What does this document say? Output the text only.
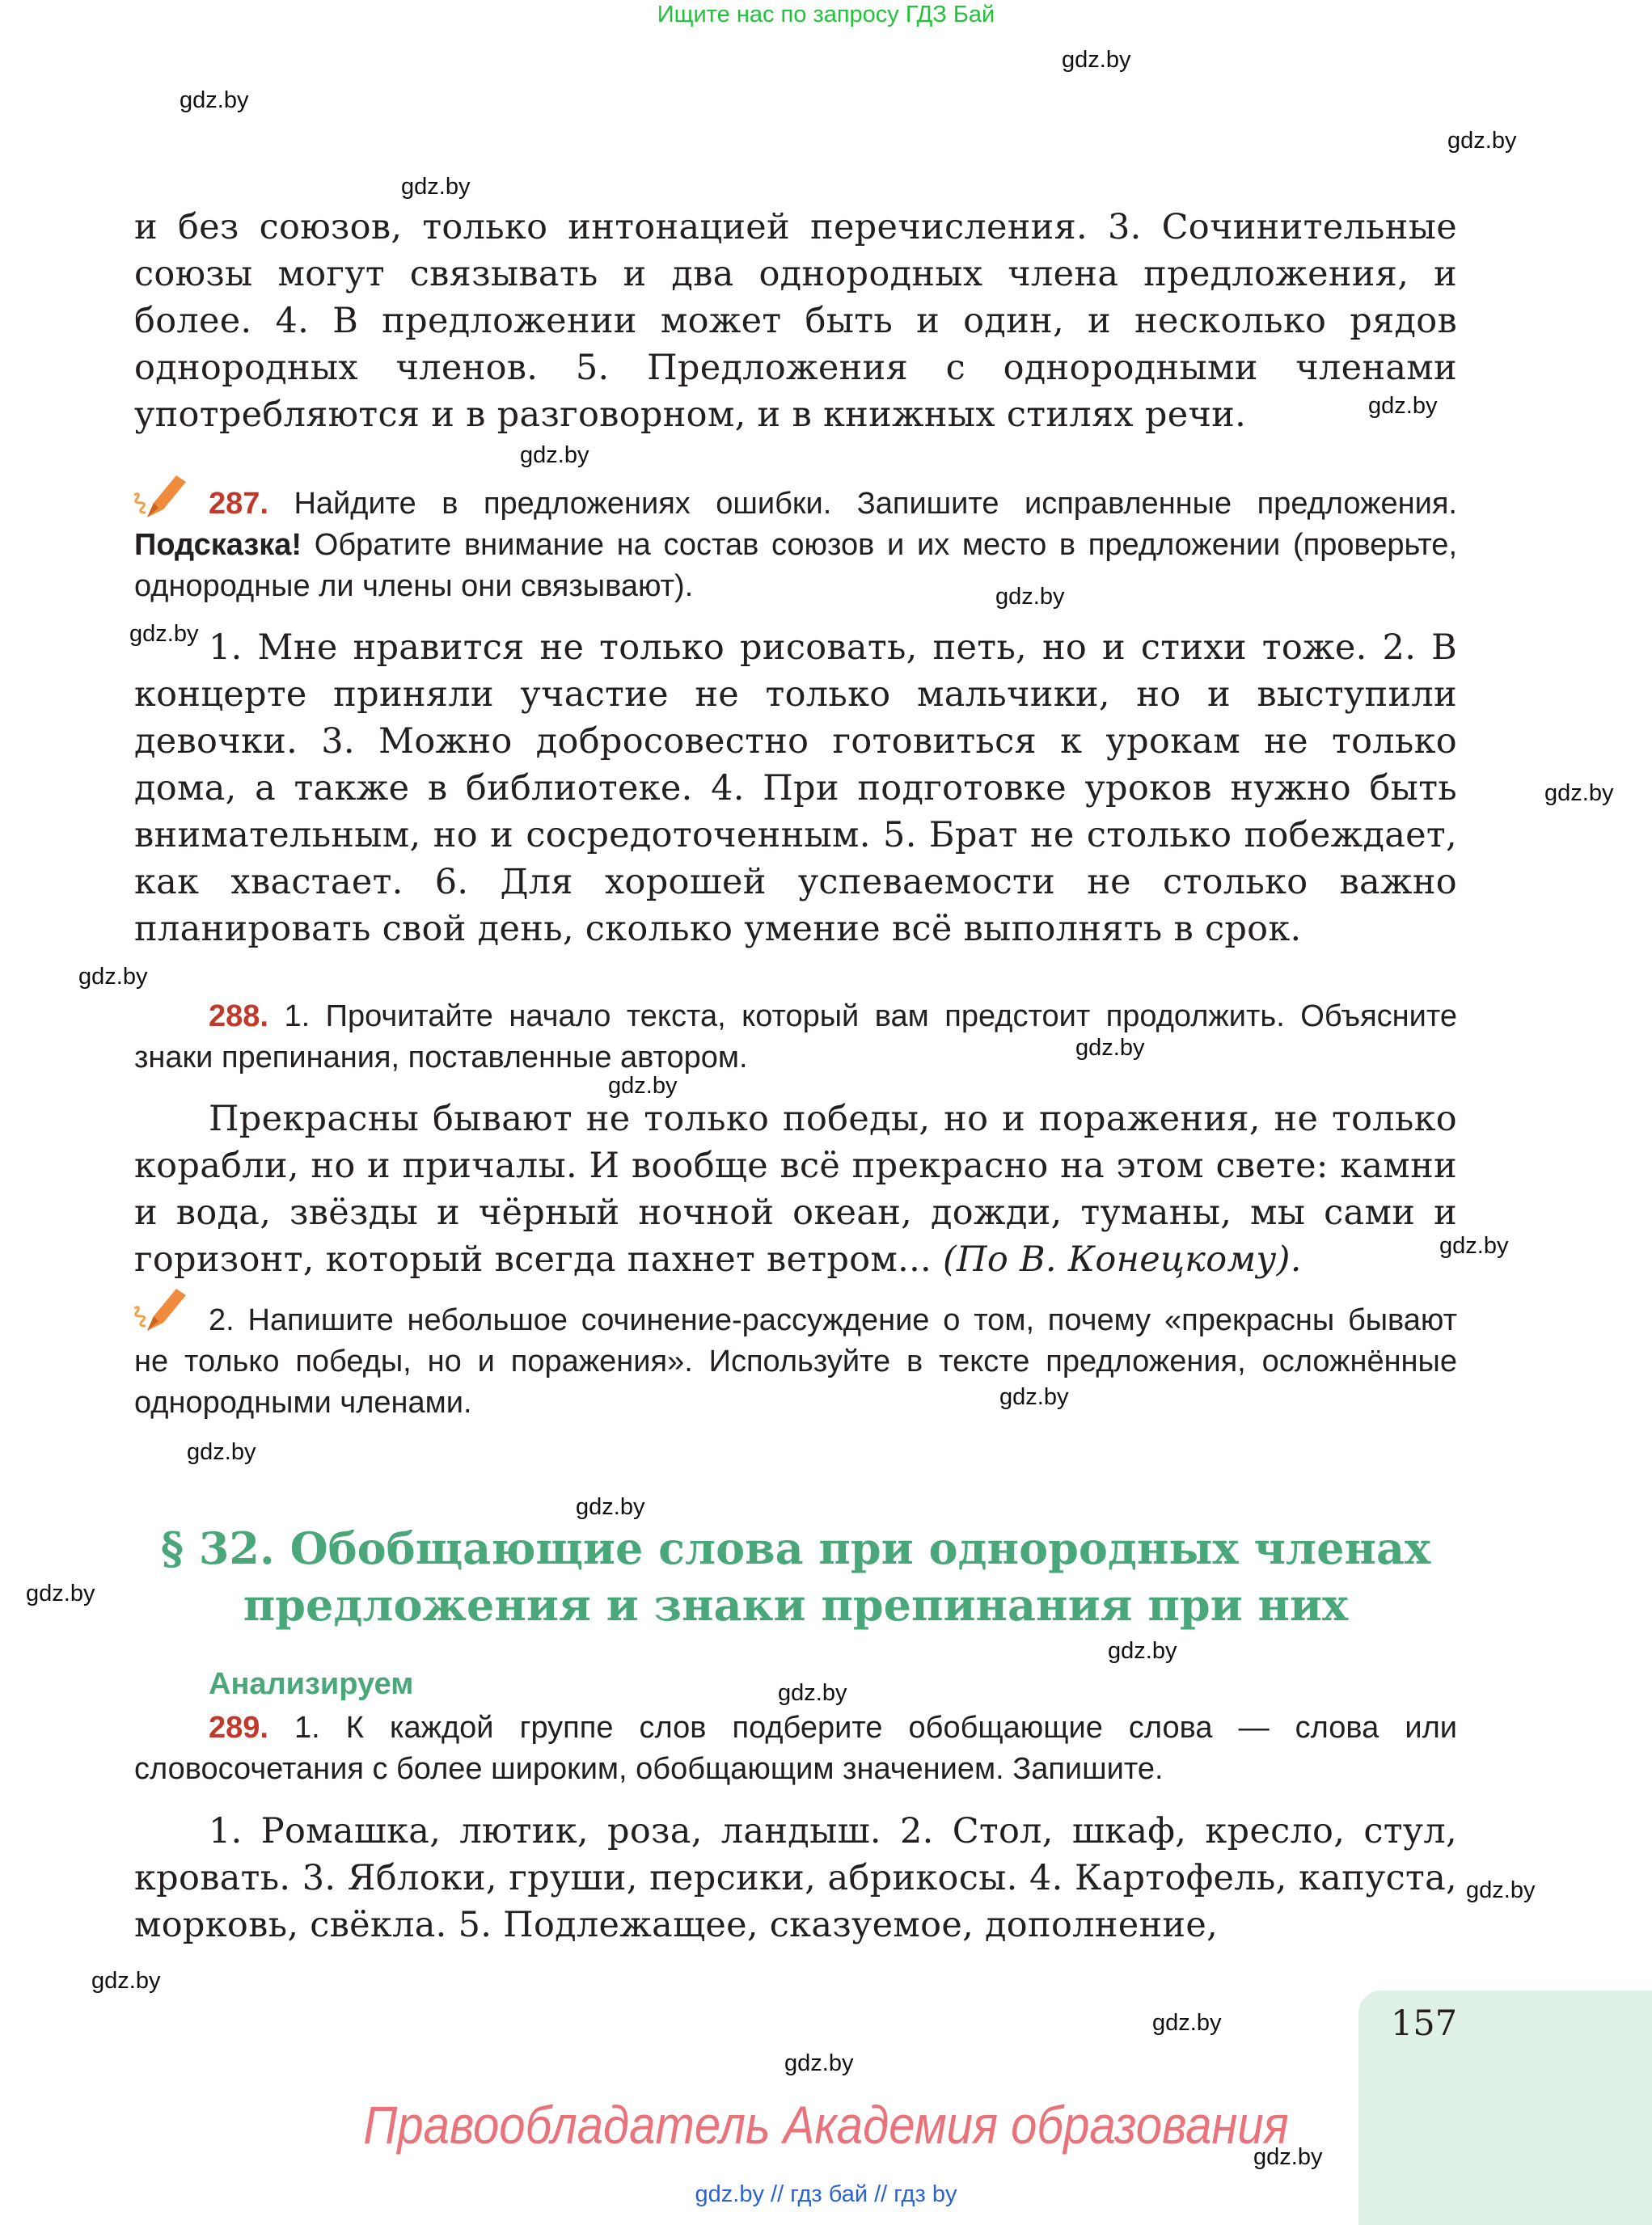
Ищите нас по запросу ГДЗ Бай
gdz.by
gdz.by
gdz.by
gdz.by
gdz.by
gdz.by
gdz.by
gdz.by
gdz.by
gdz.by
gdz.by
gdz.by
gdz.by
gdz.by
gdz.by
gdz.by
gdz.by
gdz.by
gdz.by
gdz.by
gdz.by
gdz.by
gdz.by
gdz.by

и без союзов, только интонацией перечисления. 3. Сочинительные союзы могут связывать и два однородных члена предложения, и более. 4. В предложении может быть и один, и несколько рядов однородных членов. 5. Предложения с однородными членами употребляются и в разговорном, и в книжных стилях речи.

287. Найдите в предложениях ошибки. Запишите исправленные предложения. Подсказка! Обратите внимание на состав союзов и их место в предложении (проверьте, однородные ли члены они связывают).

1. Мне нравится не только рисовать, петь, но и стихи тоже. 2. В концерте приняли участие не только мальчики, но и выступили девочки. 3. Можно добросовестно готовиться к урокам не только дома, а также в библиотеке. 4. При подготовке уроков нужно быть внимательным, но и сосредоточенным. 5. Брат не столько побеждает, как хвастает. 6. Для хорошей успеваемости не столько важно планировать свой день, сколько умение всё выполнять в срок.

288. 1. Прочитайте начало текста, который вам предстоит продолжить. Объясните знаки препинания, поставленные автором.

Прекрасны бывают не только победы, но и поражения, не только корабли, но и причалы. И вообще всё прекрасно на этом свете: камни и вода, звёзды и чёрный ночной океан, дожди, туманы, мы сами и горизонт, который всегда пахнет ветром... (По В. Конецкому).

2. Напишите небольшое сочинение-рассуждение о том, почему «прекрасны бывают не только победы, но и поражения». Используйте в тексте предложения, осложнённые однородными членами.

§ 32. Обобщающие слова при однородных членах
предложения и знаки препинания при них
Анализируем

289. 1. К каждой группе слов подберите обобщающие слова — слова или словосочетания с более широким, обобщающим значением. Запишите.

1. Ромашка, лютик, роза, ландыш. 2. Стол, шкаф, кресло, стул, кровать. 3. Яблоки, груши, персики, абрикосы. 4. Картофель, капуста, морковь, свёкла. 5. Подлежащее, сказуемое, дополнение,

157
Правообладатель Академия образования
gdz.by // гдз бай // гдз by
